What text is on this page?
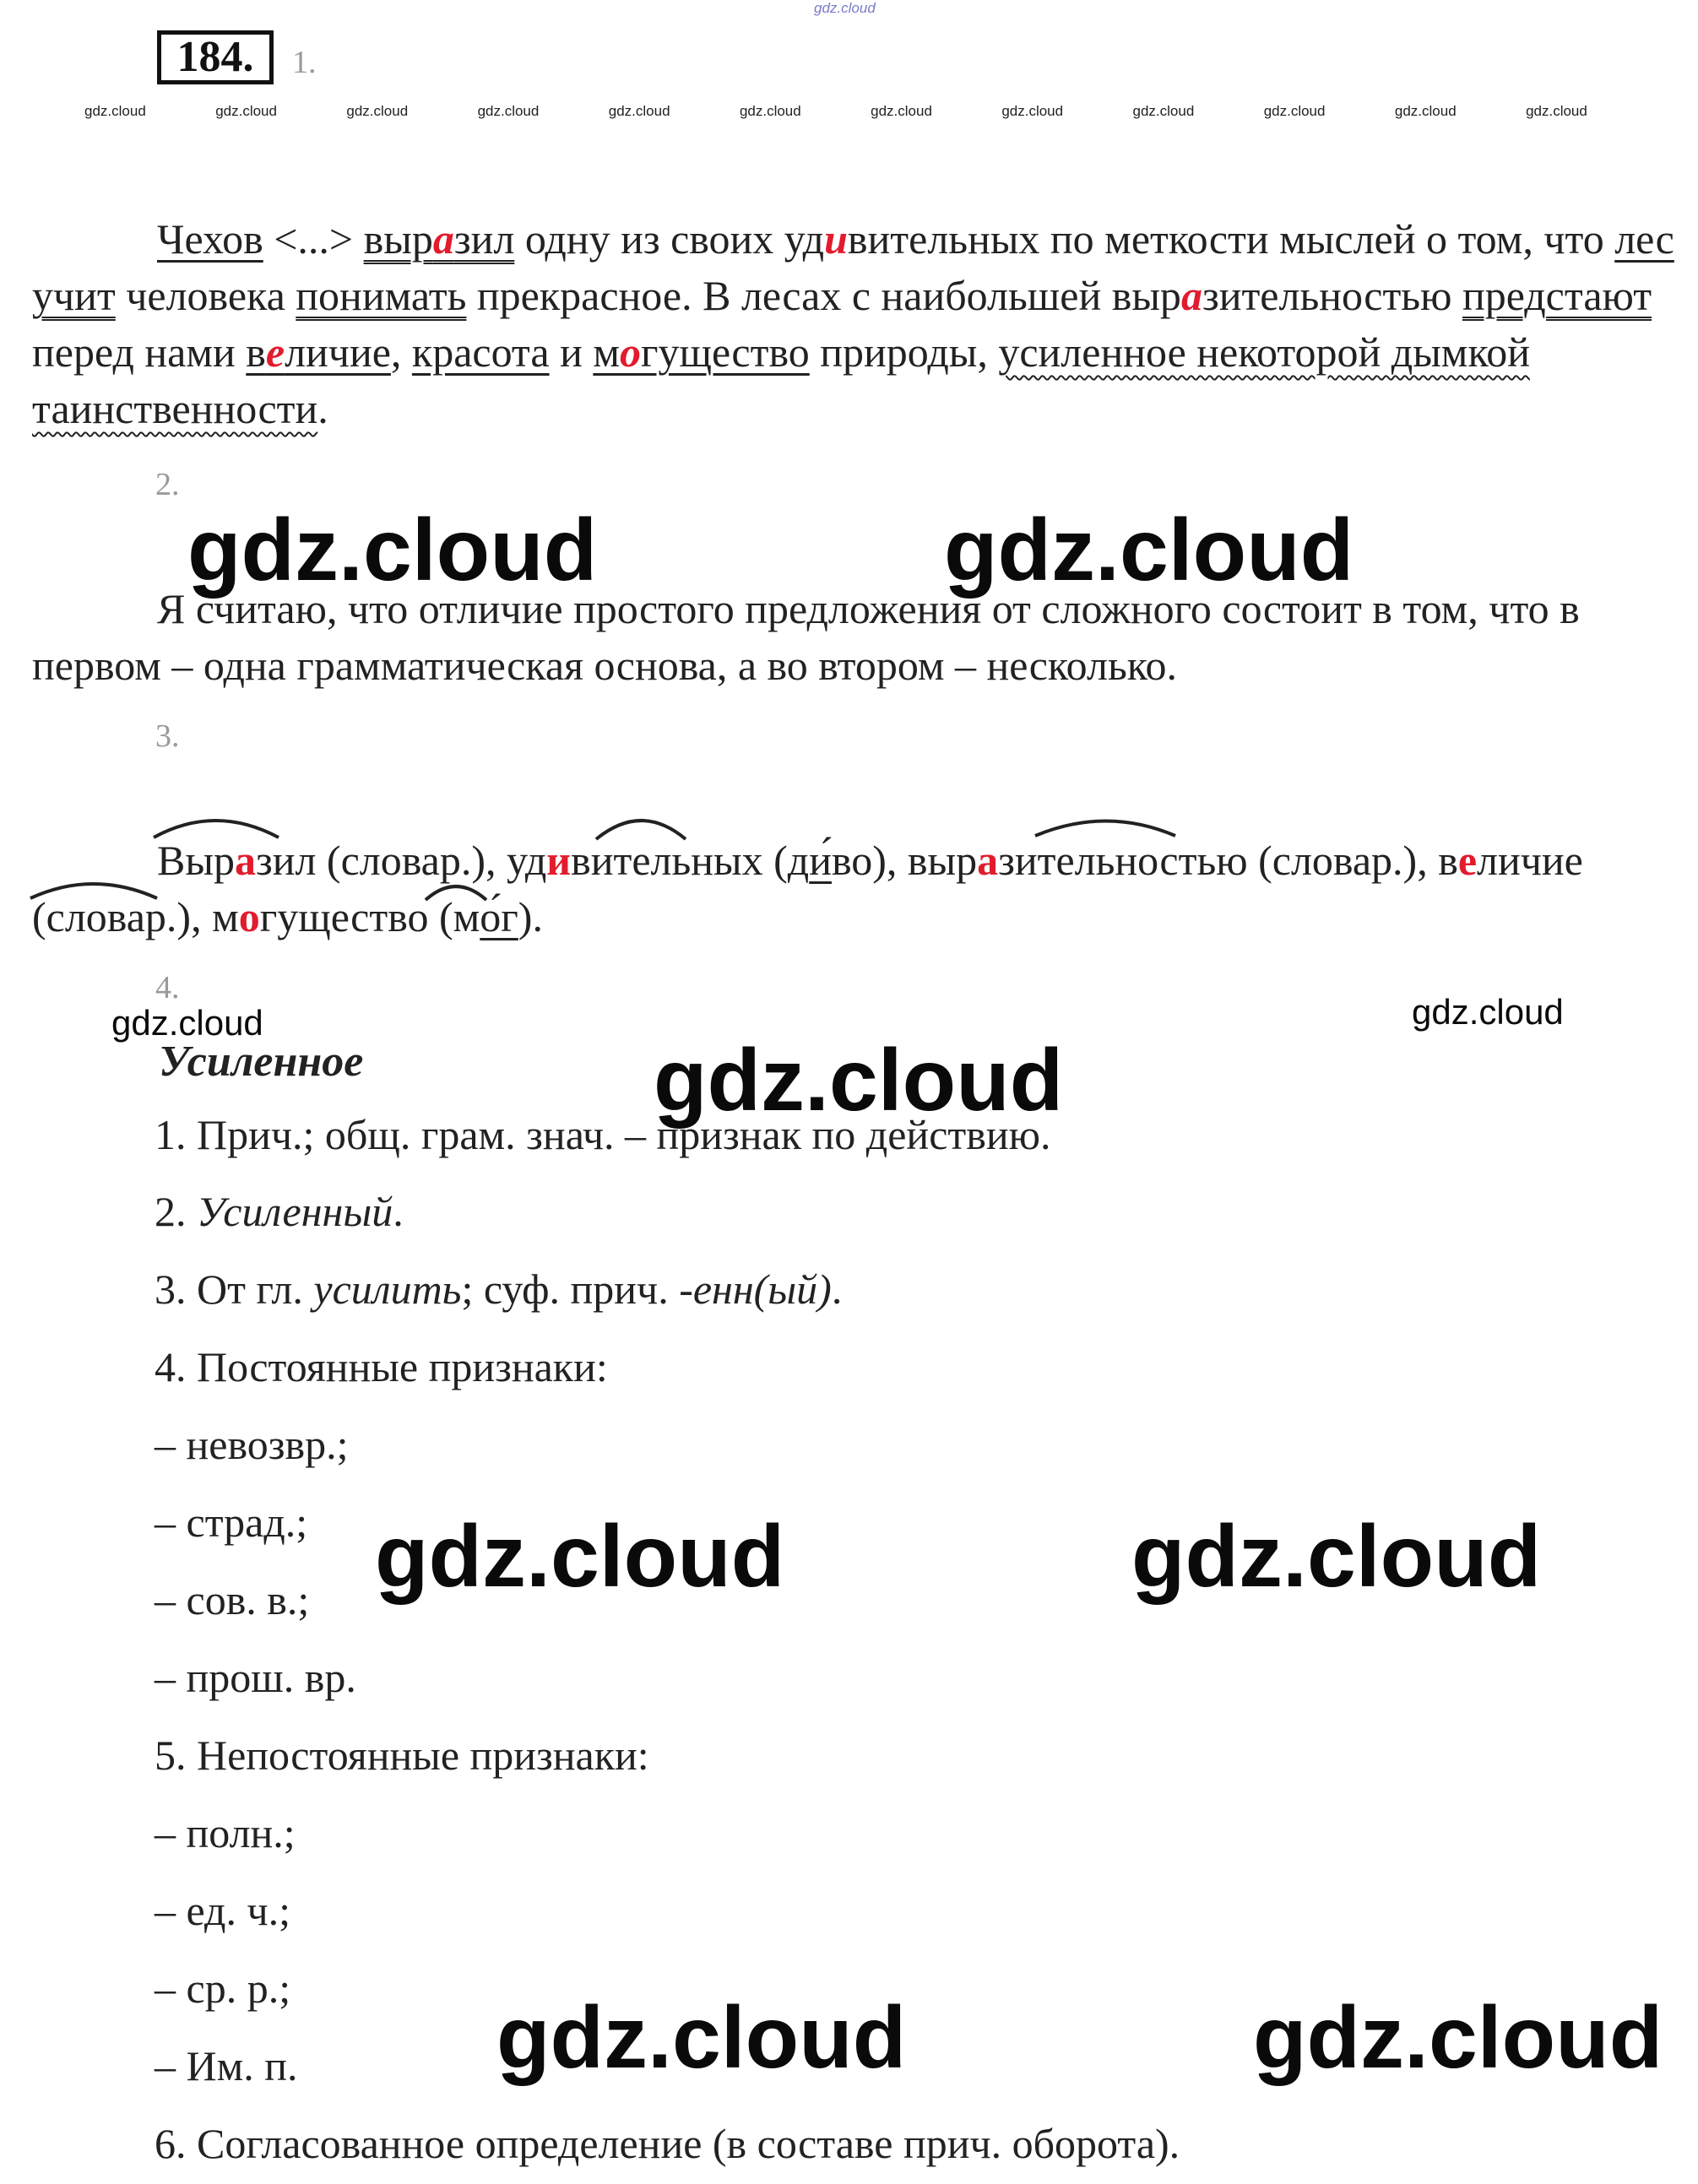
gdz.cloud
184.	1.
gdz.cloud	gdz.cloud	gdz.cloud	gdz.cloud	gdz.cloud	gdz.cloud	gdz.cloud	gdz.cloud	gdz.cloud	gdz.cloud	gdz.cloud	gdz.cloud
Чехов <...> выразил одну из своих удивительных по меткости мыслей о том, что лес учит человека понимать прекрасное. В лесах с наибольшей выразительностью предстают перед нами величие, красота и могущество природы, усиленное некоторой дымкой таинственности.
2.
Я считаю, что отличие простого предложения от сложного состоит в том, что в первом – одна грамматическая основа, а во втором – несколько.
3.
Выразил (словар.), удивительных (ди́во), выразительностью (словар.), величие (словар.), могущество (мо́г).
4.
Усиленное
1. Прич.; общ. грам. знач. – признак по действию.
2. Усиленный.
3. От гл. усилить; суф. прич. -енн(ый).
4. Постоянные признаки:
– невозвр.;
– страд.;
– сов. в.;
– прош. вр.
5. Непостоянные признаки:
– полн.;
– ед. ч.;
– ср. р.;
– Им. п.
6. Согласованное определение (в составе прич. оборота).
gdz.cloud	gdz.cloud
gdz.cloud
gdz.cloud	gdz.cloud
gdz.cloud	gdz.cloud
gdz.cloud	gdz.cloud
